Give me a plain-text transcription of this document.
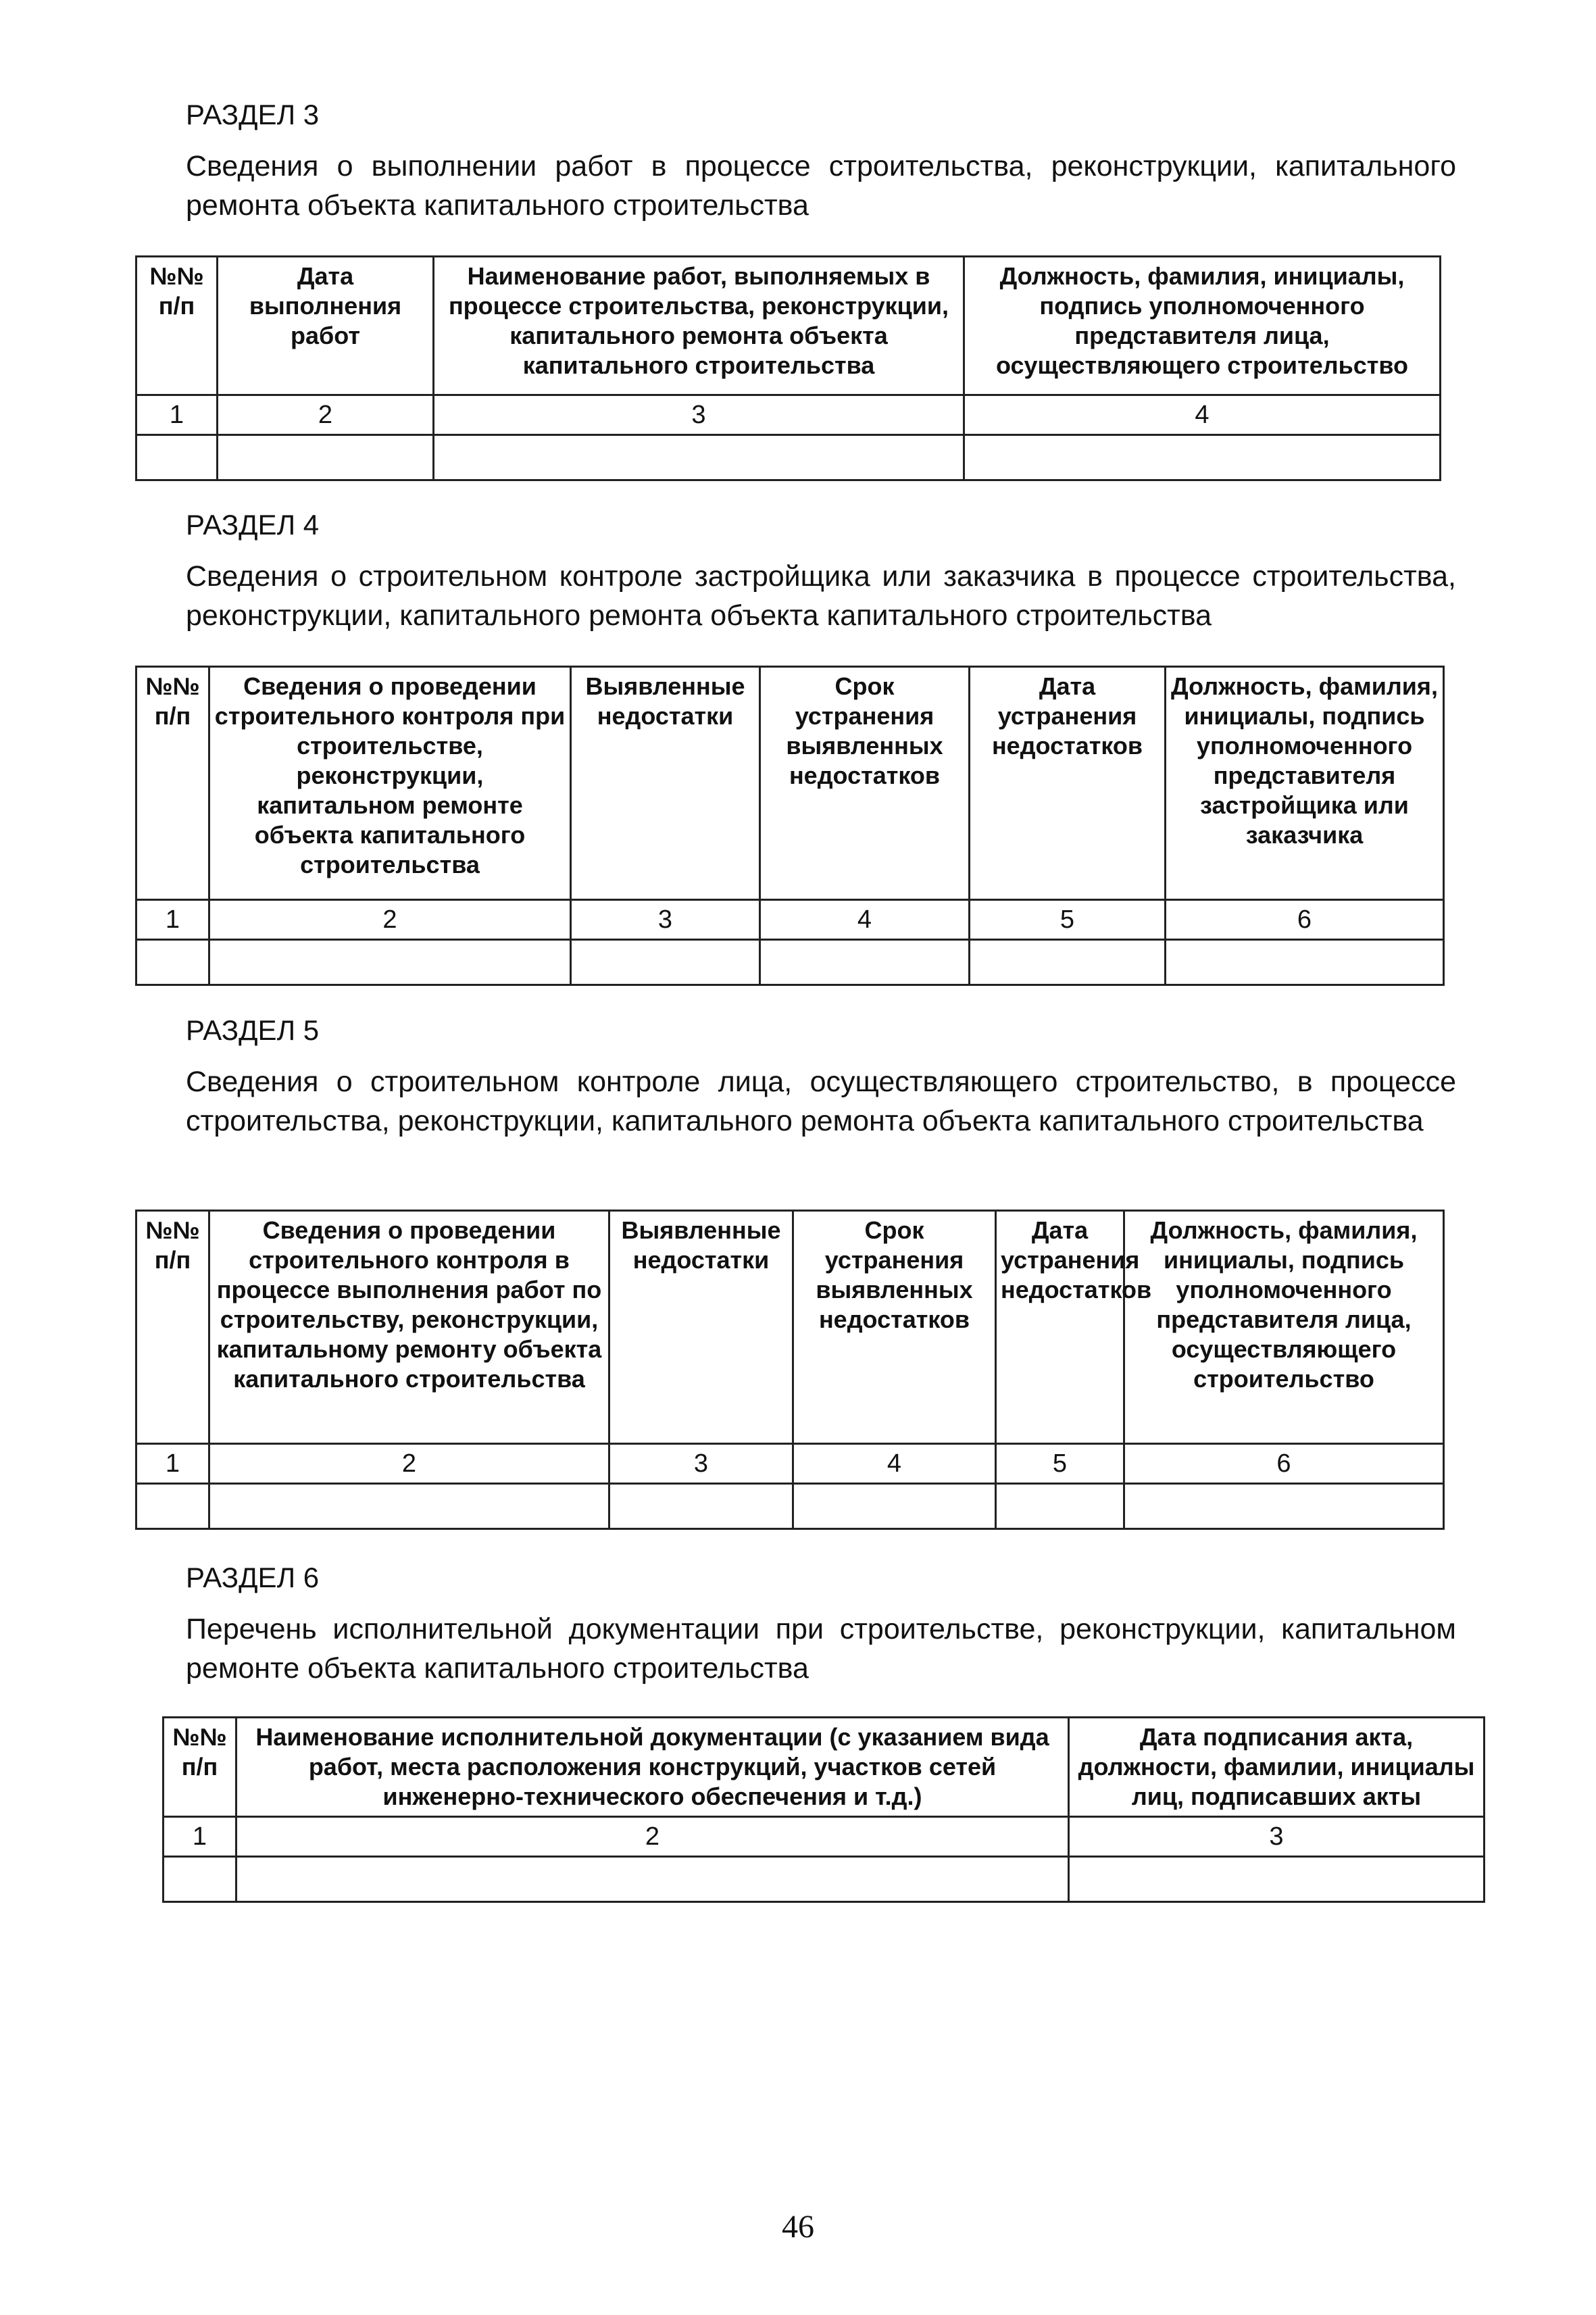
РАЗДЕЛ 3
Сведения о выполнении работ в процессе строительства, реконструкции, капитального ремонта объекта капитального строительства
№№ п/п	Дата выполнения работ	Наименование работ, выполняемых в процессе строительства, реконструкции, капитального ремонта объекта капитального строительства	Должность, фамилия, инициалы, подпись уполномоченного представителя лица, осуществляющего строительство
1	2	3	4

РАЗДЕЛ 4
Сведения о строительном контроле застройщика или заказчика в процессе строительства, реконструкции, капитального ремонта объекта капитального строительства
№№ п/п	Сведения о проведении строительного контроля при строительстве, реконструкции, капитальном ремонте объекта капитального строительства	Выявленные недостатки	Срок устранения выявленных недостатков	Дата устранения недостатков	Должность, фамилия, инициалы, подпись уполномоченного представителя застройщика или заказчика
1	2	3	4	5	6

РАЗДЕЛ 5
Сведения о строительном контроле лица, осуществляющего строительство, в процессе строительства, реконструкции, капитального ремонта объекта капитального строительства
№№ п/п	Сведения о проведении строительного контроля в процессе выполнения работ по строительству, реконструкции, капитальному ремонту объекта капитального строительства	Выявленные недостатки	Срок устранения выявленных недостатков	Дата устранения недостатков	Должность, фамилия, инициалы, подпись уполномоченного представителя лица, осуществляющего строительство
1	2	3	4	5	6

РАЗДЕЛ 6
Перечень исполнительной документации при строительстве, реконструкции, капитальном ремонте объекта капитального строительства
№№ п/п	Наименование исполнительной документации (с указанием вида работ, места расположения конструкций, участков сетей инженерно-технического обеспечения и т.д.)	Дата подписания акта, должности, фамилии, инициалы лиц, подписавших акты
1	2	3

46
